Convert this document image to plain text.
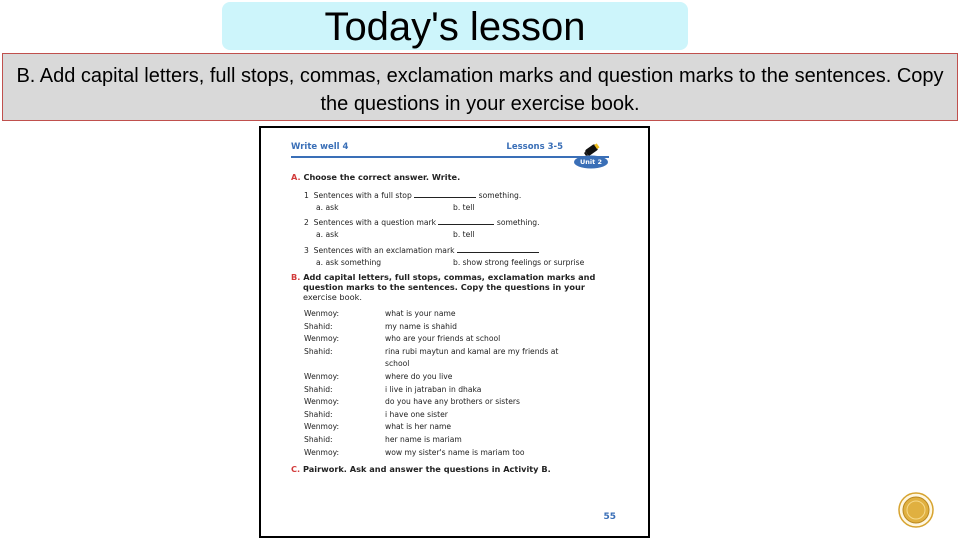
Today's lesson

B. Add capital letters, full stops, commas, exclamation marks and question marks to the sentences. Copy the questions in your exercise book.

Write well 4	Lessons 3-5
Unit 2
A. Choose the correct answer. Write.
1 Sentences with a full stop	something.
a. ask	b. tell
2 Sentences with a question mark	something.
a. ask	b. tell
3 Sentences with an exclamation mark
a. ask something	b. show strong feelings or surprise
B. Add capital letters, full stops, commas, exclamation marks and
question marks to the sentences. Copy the questions in your
exercise book.
Wenmoy:	what is your name
Shahid:	my name is shahid
Wenmoy:	who are your friends at school
Shahid:	rina rubi maytun and kamal are my friends at
school
Wenmoy:	where do you live
Shahid:	i live in jatraban in dhaka
Wenmoy:	do you have any brothers or sisters
Shahid:	i have one sister
Wenmoy:	what is her name
Shahid:	her name is mariam
Wenmoy:	wow my sister's name is mariam too
C. Pairwork. Ask and answer the questions in Activity B.
55
